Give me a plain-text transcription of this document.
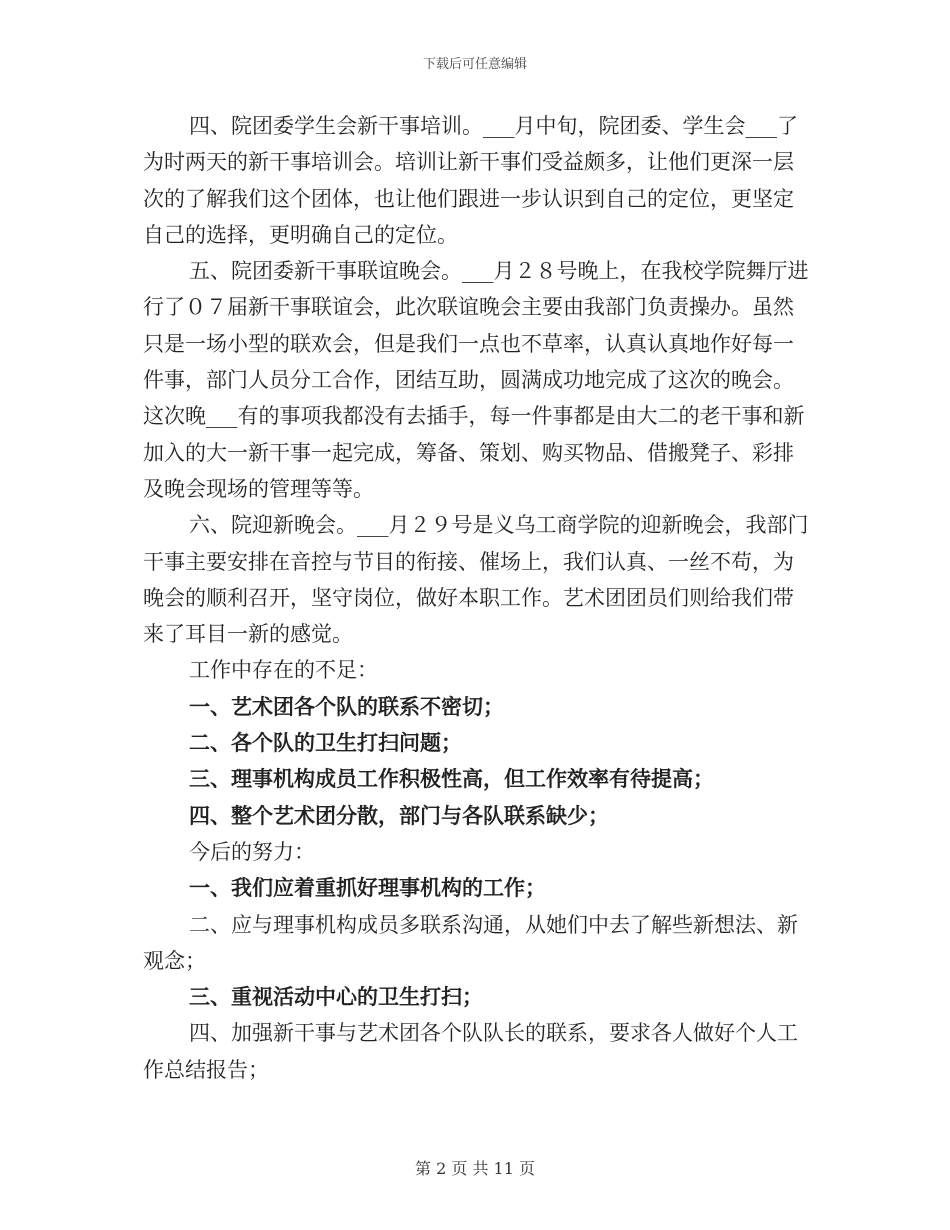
下载后可任意编辑

四、院团委学生会新干事培训。___月中旬，院团委、学生会___了为时两天的新干事培训会。培训让新干事们受益颇多，让他们更深一层次的了解我们这个团体，也让他们跟进一步认识到自己的定位，更坚定自己的选择，更明确自己的定位。

五、院团委新干事联谊晚会。___月２８号晚上，在我校学院舞厅进行了０７届新干事联谊会，此次联谊晚会主要由我部门负责操办。虽然只是一场小型的联欢会，但是我们一点也不草率，认真认真地作好每一件事，部门人员分工合作，团结互助，圆满成功地完成了这次的晚会。这次晚___有的事项我都没有去插手，每一件事都是由大二的老干事和新加入的大一新干事一起完成，筹备、策划、购买物品、借搬凳子、彩排及晚会现场的管理等等。

六、院迎新晚会。___月２９号是义乌工商学院的迎新晚会，我部门干事主要安排在音控与节目的衔接、催场上，我们认真、一丝不苟，为晚会的顺利召开，坚守岗位，做好本职工作。艺术团团员们则给我们带来了耳目一新的感觉。

工作中存在的不足：

一、艺术团各个队的联系不密切；

二、各个队的卫生打扫问题；

三、理事机构成员工作积极性高，但工作效率有待提高；

四、整个艺术团分散，部门与各队联系缺少；

今后的努力：

一、我们应着重抓好理事机构的工作；

二、应与理事机构成员多联系沟通，从她们中去了解些新想法、新观念；

三、重视活动中心的卫生打扫；

四、加强新干事与艺术团各个队队长的联系，要求各人做好个人工作总结报告；

第 2 页 共 11 页
